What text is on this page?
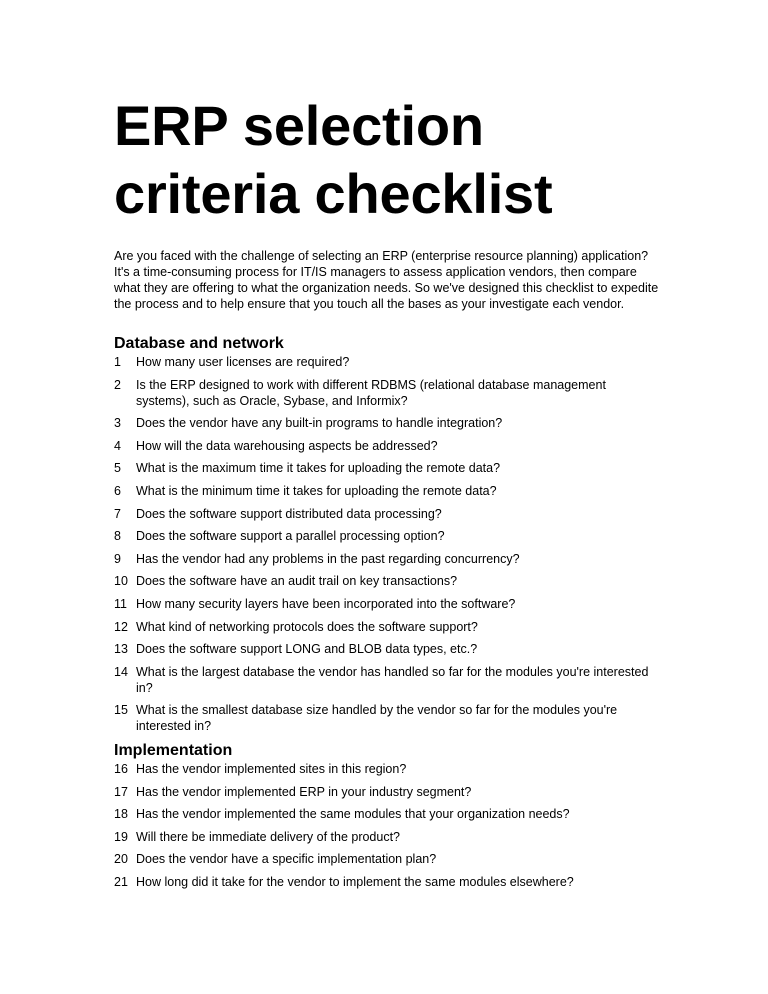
ERP selection
criteria checklist

Are you faced with the challenge of selecting an ERP (enterprise resource planning) application? It's a time-consuming process for IT/IS managers to assess application vendors, then compare what they are offering to what the organization needs. So we've designed this checklist to expedite the process and to help ensure that you touch all the bases as your investigate each vendor.

Database and network
1	How many user licenses are required?
2	Is the ERP designed to work with different RDBMS (relational database management systems), such as Oracle, Sybase, and Informix?
3	Does the vendor have any built-in programs to handle integration?
4	How will the data warehousing aspects be addressed?
5	What is the maximum time it takes for uploading the remote data?
6	What is the minimum time it takes for uploading the remote data?
7	Does the software support distributed data processing?
8	Does the software support a parallel processing option?
9	Has the vendor had any problems in the past regarding concurrency?
10 Does the software have an audit trail on key transactions?
11 How many security layers have been incorporated into the software?
12 What kind of networking protocols does the software support?
13 Does the software support LONG and BLOB data types, etc.?
14 What is the largest database the vendor has handled so far for the modules you're interested in?
15 What is the smallest database size handled by the vendor so far for the modules you're interested in?
Implementation
16 Has the vendor implemented sites in this region?
17 Has the vendor implemented ERP in your industry segment?
18 Has the vendor implemented the same modules that your organization needs?
19 Will there be immediate delivery of the product?
20 Does the vendor have a specific implementation plan?
21 How long did it take for the vendor to implement the same modules elsewhere?
